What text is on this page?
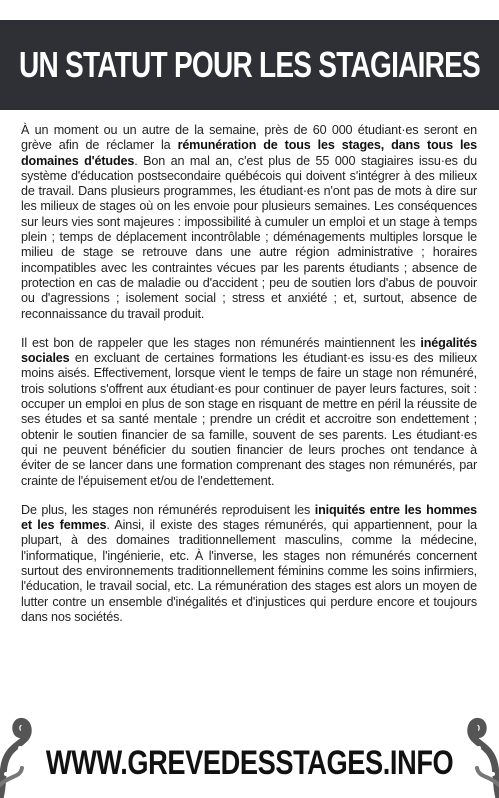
UN STATUT POUR LES STAGIAIRES

À un moment ou un autre de la semaine, près de 60 000 étudiant·es seront en grève afin de réclamer la rémunération de tous les stages, dans tous les domaines d'études. Bon an mal an, c'est plus de 55 000 stagiaires issu·es du système d'éducation postsecondaire québécois qui doivent s'intégrer à des milieux de travail. Dans plusieurs programmes, les étudiant·es n'ont pas de mots à dire sur les milieux de stages où on les envoie pour plusieurs semaines. Les conséquences sur leurs vies sont majeures : impossibilité à cumuler un emploi et un stage à temps plein ; temps de déplacement incontrôlable ; déménagements multiples lorsque le milieu de stage se retrouve dans une autre région administrative ; horaires incompatibles avec les contraintes vécues par les parents étudiants ; absence de protection en cas de maladie ou d'accident ; peu de soutien lors d'abus de pouvoir ou d'agressions ; isolement social ; stress et anxiété ; et, surtout, absence de reconnaissance du travail produit.

Il est bon de rappeler que les stages non rémunérés maintiennent les inégalités sociales en excluant de certaines formations les étudiant·es issu·es des milieux moins aisés. Effectivement, lorsque vient le temps de faire un stage non rémunéré, trois solutions s'offrent aux étudiant·es pour continuer de payer leurs factures, soit : occuper un emploi en plus de son stage en risquant de mettre en péril la réussite de ses études et sa santé mentale ; prendre un crédit et accroitre son endettement ; obtenir le soutien financier de sa famille, souvent de ses parents. Les étudiant·es qui ne peuvent bénéficier du soutien financier de leurs proches ont tendance à éviter de se lancer dans une formation comprenant des stages non rémunérés, par crainte de l'épuisement et/ou de l'endettement.

De plus, les stages non rémunérés reproduisent les iniquités entre les hommes et les femmes. Ainsi, il existe des stages rémunérés, qui appartiennent, pour la plupart, à des domaines traditionnellement masculins, comme la médecine, l'informatique, l'ingénierie, etc. À l'inverse, les stages non rémunérés concernent surtout des environnements traditionnellement féminins comme les soins infirmiers, l'éducation, le travail social, etc. La rémunération des stages est alors un moyen de lutter contre un ensemble d'inégalités et d'injustices qui perdure encore et toujours dans nos sociétés.

WWW.GREVEDESSTAGES.INFO
